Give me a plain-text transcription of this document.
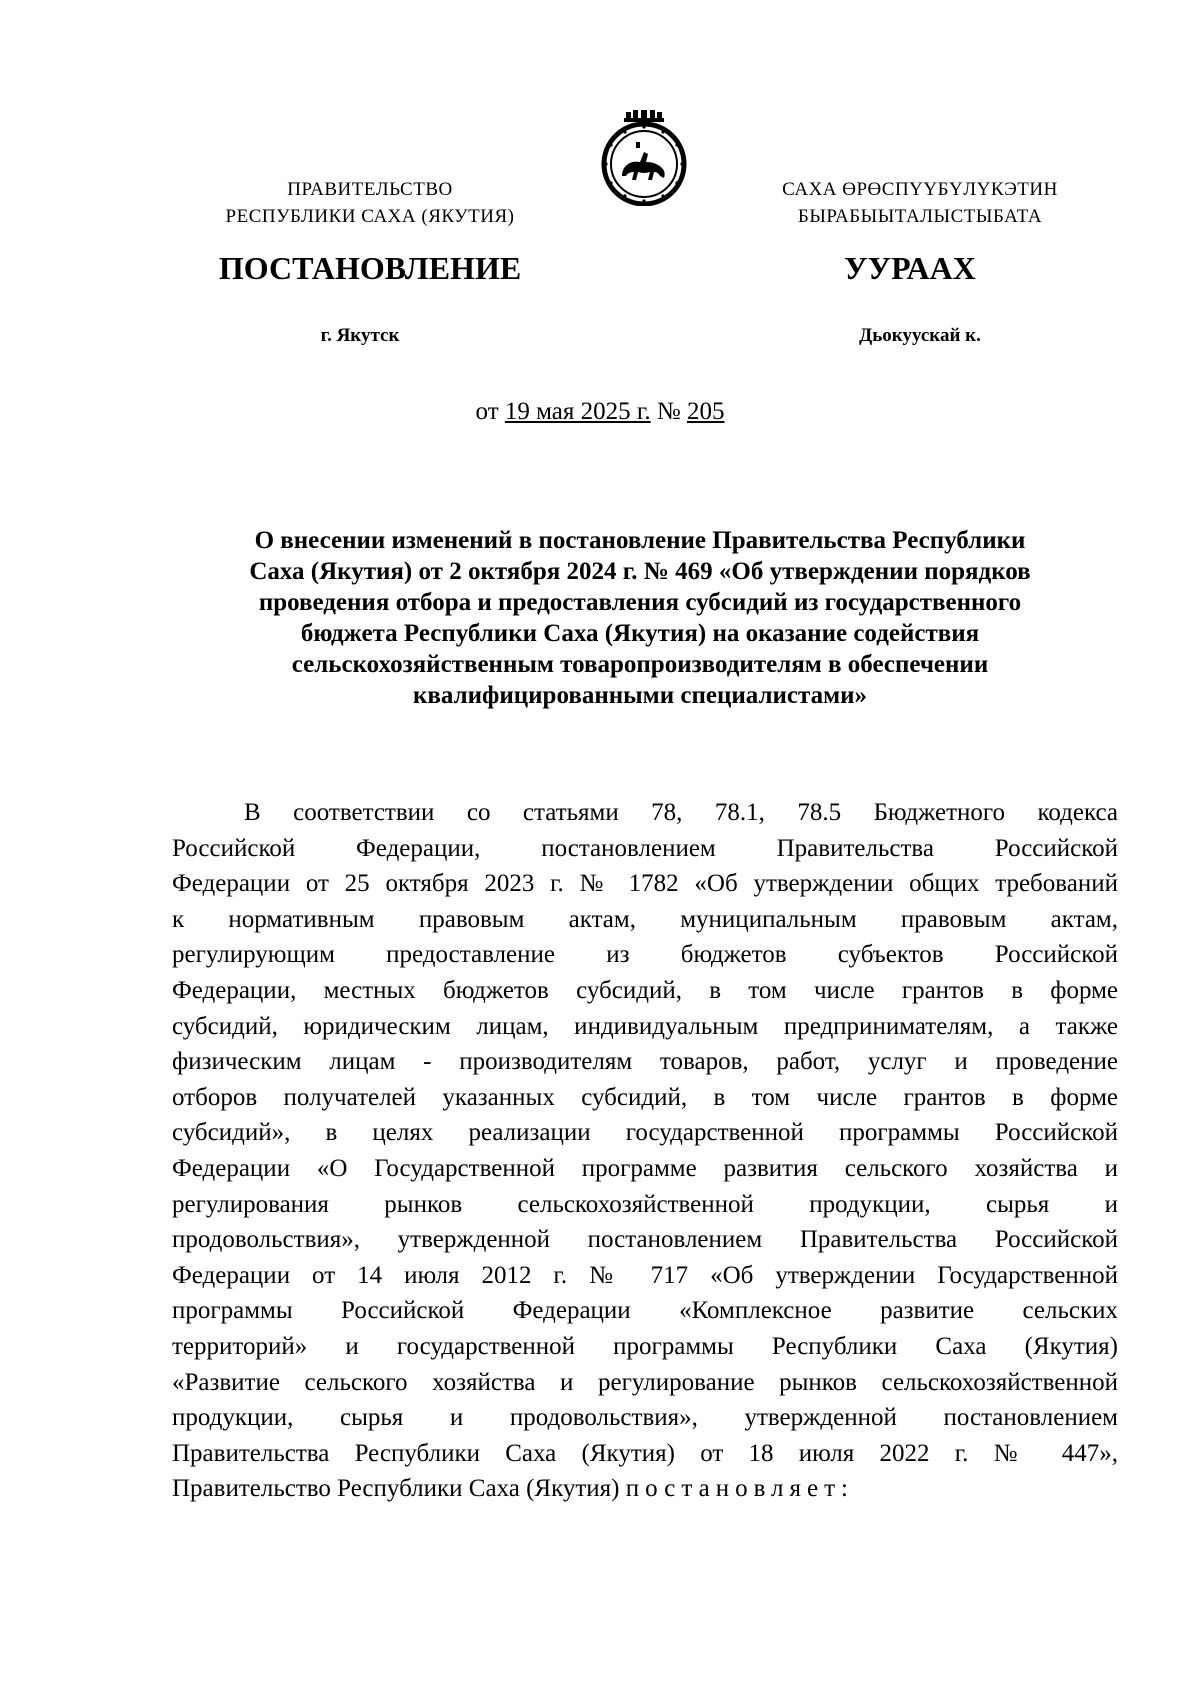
ПРАВИТЕЛЬСТВО
РЕСПУБЛИКИ САХА (ЯКУТИЯ)
САХА ӨРӨСПҮҮБҮЛҮКЭТИН
БЫРАБЫЫТАЛЫСТЫБАТА
ПОСТАНОВЛЕНИЕ	УУРААХ
г. Якутск	Дьокуускай к.
от 19 мая 2025 г. № 205
О внесении изменений в постановление Правительства Республики
Саха (Якутия) от 2 октября 2024 г. № 469 «Об утверждении порядков
проведения отбора и предоставления субсидий из государственного
бюджета Республики Саха (Якутия) на оказание содействия
сельскохозяйственным товаропроизводителям в обеспечении
квалифицированными специалистами»
В соответствии со статьями 78, 78.1, 78.5 Бюджетного кодекса
Российской Федерации, постановлением Правительства Российской
Федерации от 25 октября 2023 г. № 1782 «Об утверждении общих требований
к нормативным правовым актам, муниципальным правовым актам,
регулирующим предоставление из бюджетов субъектов Российской
Федерации, местных бюджетов субсидий, в том числе грантов в форме
субсидий, юридическим лицам, индивидуальным предпринимателям, а также
физическим лицам - производителям товаров, работ, услуг и проведение
отборов получателей указанных субсидий, в том числе грантов в форме
субсидий», в целях реализации государственной программы Российской
Федерации «О Государственной программе развития сельского хозяйства и
регулирования рынков сельскохозяйственной продукции, сырья и
продовольствия», утвержденной постановлением Правительства Российской
Федерации от 14 июля 2012 г. № 717 «Об утверждении Государственной
программы Российской Федерации «Комплексное развитие сельских
территорий» и государственной программы Республики Саха (Якутия)
«Развитие сельского хозяйства и регулирование рынков сельскохозяйственной
продукции, сырья и продовольствия», утвержденной постановлением
Правительства Республики Саха (Якутия) от 18 июля 2022 г. № 447»,
Правительство Республики Саха (Якутия) постановляет:
